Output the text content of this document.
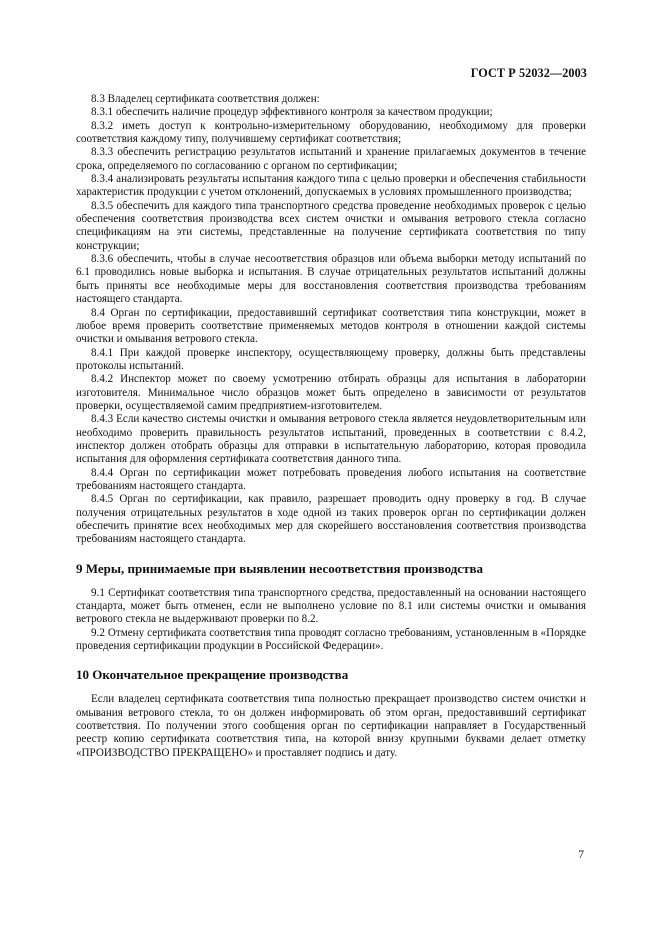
ГОСТ Р 52032—2003

8.3 Владелец сертификата соответствия должен:

8.3.1 обеспечить наличие процедур эффективного контроля за качеством продукции;

8.3.2 иметь доступ к контрольно-измерительному оборудованию, необходимому для проверки соответствия каждому типу, получившему сертификат соответствия;

8.3.3 обеспечить регистрацию результатов испытаний и хранение прилагаемых документов в течение срока, определяемого по согласованию с органом по сертификации;

8.3.4 анализировать результаты испытания каждого типа с целью проверки и обеспечения стабильности характеристик продукции с учетом отклонений, допускаемых в условиях промышленного производства;

8.3.5 обеспечить для каждого типа транспортного средства проведение необходимых проверок с целью обеспечения соответствия производства всех систем очистки и омывания ветрового стекла согласно спецификациям на эти системы, представленные на получение сертификата соответствия по типу конструкции;

8.3.6 обеспечить, чтобы в случае несоответствия образцов или объема выборки методу испытаний по 6.1 проводились новые выборка и испытания. В случае отрицательных результатов испытаний должны быть приняты все необходимые меры для восстановления соответствия производства требованиям настоящего стандарта.

8.4 Орган по сертификации, предоставивший сертификат соответствия типа конструкции, может в любое время проверить соответствие применяемых методов контроля в отношении каждой системы очистки и омывания ветрового стекла.

8.4.1 При каждой проверке инспектору, осуществляющему проверку, должны быть представлены протоколы испытаний.

8.4.2 Инспектор может по своему усмотрению отбирать образцы для испытания в лаборатории изготовителя. Минимальное число образцов может быть определено в зависимости от результатов проверки, осуществляемой самим предприятием-изготовителем.

8.4.3 Если качество системы очистки и омывания ветрового стекла является неудовлетворительным или необходимо проверить правильность результатов испытаний, проведенных в соответствии с 8.4.2, инспектор должен отобрать образцы для отправки в испытательную лабораторию, которая проводила испытания для оформления сертификата соответствия данного типа.

8.4.4 Орган по сертификации может потребовать проведения любого испытания на соответствие требованиям настоящего стандарта.

8.4.5 Орган по сертификации, как правило, разрешает проводить одну проверку в год. В случае получения отрицательных результатов в ходе одной из таких проверок орган по сертификации должен обеспечить принятие всех необходимых мер для скорейшего восстановления соответствия производства требованиям настоящего стандарта.

9 Меры, принимаемые при выявлении несоответствия производства

9.1 Сертификат соответствия типа транспортного средства, предоставленный на основании настоящего стандарта, может быть отменен, если не выполнено условие по 8.1 или системы очистки и омывания ветрового стекла не выдерживают проверки по 8.2.

9.2 Отмену сертификата соответствия типа проводят согласно требованиям, установленным в «Порядке проведения сертификации продукции в Российской Федерации».

10 Окончательное прекращение производства

Если владелец сертификата соответствия типа полностью прекращает производство систем очистки и омывания ветрового стекла, то он должен информировать об этом орган, предоставивший сертификат соответствия. По получении этого сообщения орган по сертификации направляет в Государственный реестр копию сертификата соответствия типа, на которой внизу крупными буквами делает отметку «ПРОИЗВОДСТВО ПРЕКРАЩЕНО» и проставляет подпись и дату.

7
